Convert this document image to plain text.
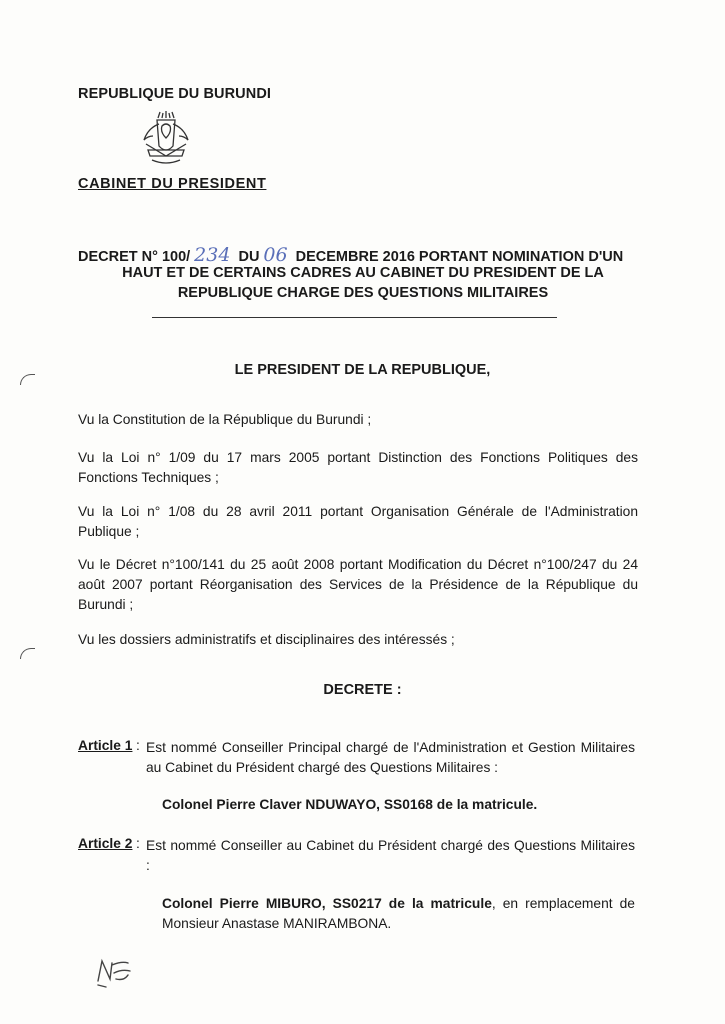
REPUBLIQUE DU BURUNDI
CABINET DU PRESIDENT
DECRET N° 100/ 234 DU 06 DECEMBRE 2016 PORTANT NOMINATION D'UN
HAUT ET DE CERTAINS CADRES AU CABINET DU PRESIDENT DE LA
REPUBLIQUE CHARGE DES QUESTIONS MILITAIRES
LE PRESIDENT DE LA REPUBLIQUE,
Vu la Constitution de la République du Burundi ;
Vu la Loi n° 1/09 du 17 mars 2005 portant Distinction des Fonctions Politiques des Fonctions Techniques ;
Vu la Loi n° 1/08 du 28 avril 2011 portant Organisation Générale de l'Administration Publique ;
Vu le Décret n°100/141 du 25 août 2008 portant Modification du Décret n°100/247 du 24 août 2007 portant Réorganisation des Services de la Présidence de la République du Burundi ;
Vu les dossiers administratifs et disciplinaires des intéressés ;
DECRETE :
Article 1 : Est nommé Conseiller Principal chargé de l'Administration et Gestion Militaires au Cabinet du Président chargé des Questions Militaires :
Colonel Pierre Claver NDUWAYO, SS0168 de la matricule.
Article 2 : Est nommé Conseiller au Cabinet du Président chargé des Questions Militaires :
Colonel Pierre MIBURO, SS0217 de la matricule, en remplacement de Monsieur Anastase MANIRAMBONA.
